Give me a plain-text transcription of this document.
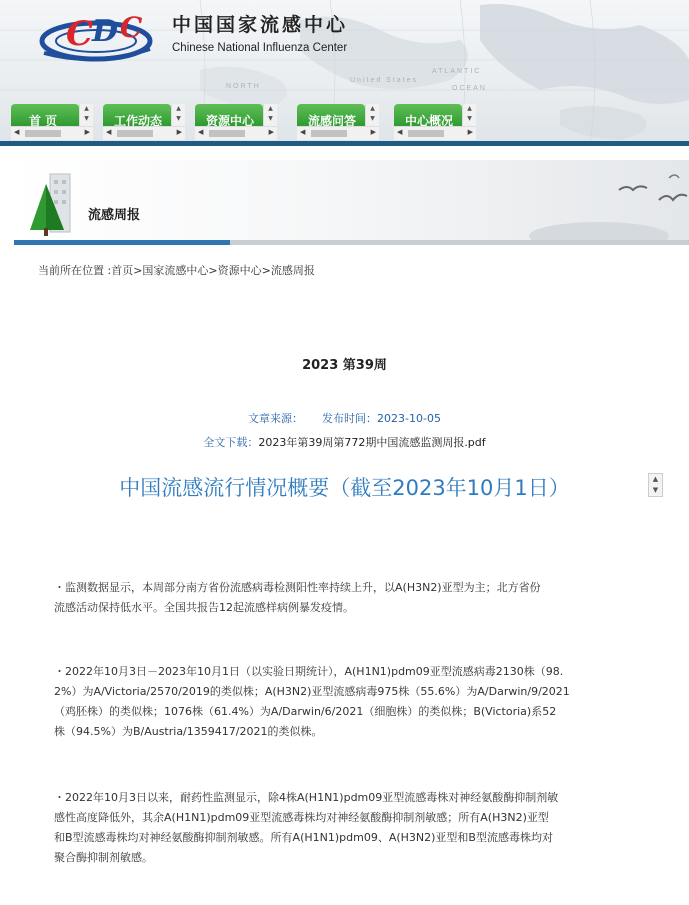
NORTH
United States
ATLANTIC
OCEAN
C
D C 中国国家流感中心
Chinese National Influenza Center
首 页
▲
▼
◀	▶
工作动态
▲
▼
◀	▶
资源中心
▲
▼
◀	▶
流感问答
▲
▼
◀	▶
中心概况
▲
▼
◀	▶
流感周报
当前所在位置 :首页>国家流感中心>资源中心>流感周报
2023 第39周
文章来源： 发布时间：2023-10-05
全文下载：2023年第39周第772期中国流感监测周报.pdf
中国流感流行情况概要（截至2023年10月1日）	▲
▼
・监测数据显示，本周部分南方省份流感病毒检测阳性率持续上升，以A(H3N2)亚型为主；北方省份
流感活动保持低水平。全国共报告12起流感样病例暴发疫情。
・2022年10月3日－2023年10月1日（以实验日期统计），A(H1N1)pdm09亚型流感病毒2130株（98.
2%）为A/Victoria/2570/2019的类似株；A(H3N2)亚型流感病毒975株（55.6%）为A/Darwin/9/2021
（鸡胚株）的类似株；1076株（61.4%）为A/Darwin/6/2021（细胞株）的类似株；B(Victoria)系52
株（94.5%）为B/Austria/1359417/2021的类似株。
・2022年10月3日以来，耐药性监测显示，除4株A(H1N1)pdm09亚型流感毒株对神经氨酸酶抑制剂敏
感性高度降低外，其余A(H1N1)pdm09亚型流感毒株均对神经氨酸酶抑制剂敏感；所有A(H3N2)亚型
和B型流感毒株均对神经氨酸酶抑制剂敏感。所有A(H1N1)pdm09、A(H3N2)亚型和B型流感毒株均对
聚合酶抑制剂敏感。
